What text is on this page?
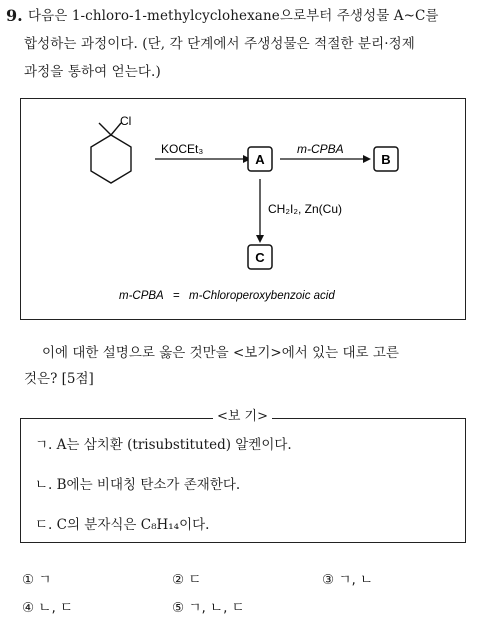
9. 다음은 1-chloro-1-methylcyclohexane으로부터 주생성물 A~C를
합성하는 과정이다. (단, 각 단계에서 주생성물은 적절한 분리·정제
과정을 통하여 얻는다.)
Cl
KOCEt₃
A
m-CPBA
B
CH₂I₂, Zn(Cu)
C
m-CPBA = m-Chloroperoxybenzoic acid
이에 대한 설명으로 옳은 것만을 <보기>에서 있는 대로 고른
것은? [5점]
ㄱ. A는 삼치환 (trisubstituted) 알켄이다.
ㄴ. B에는 비대칭 탄소가 존재한다.
ㄷ. C의 분자식은 C₈H₁₄이다.
<보 기>
① ㄱ	② ㄷ	③ ㄱ, ㄴ
④ ㄴ, ㄷ	⑤ ㄱ, ㄴ, ㄷ
